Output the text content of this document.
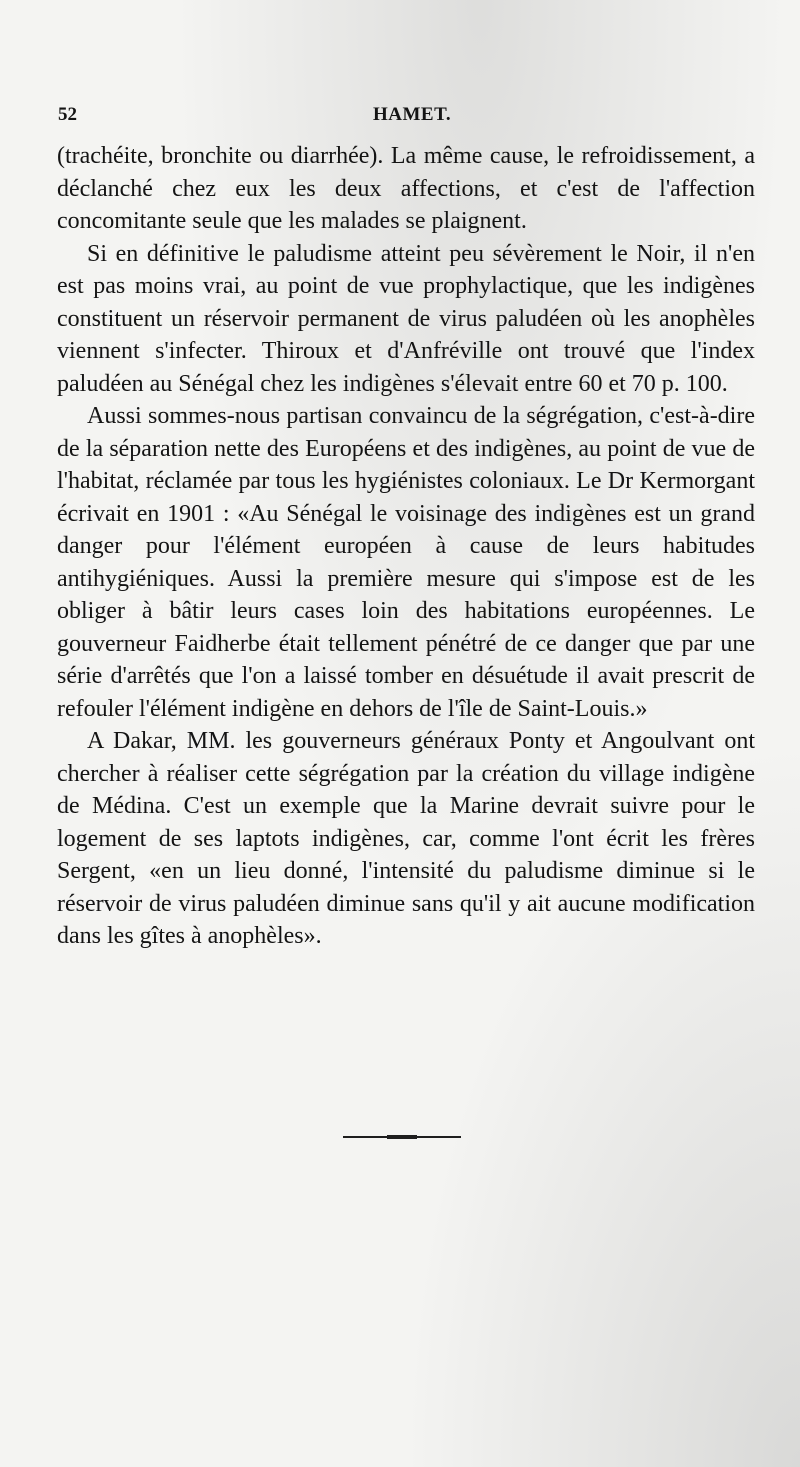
52	HAMET.

(trachéite, bronchite ou diarrhée). La même cause, le refroidissement, a déclanché chez eux les deux affections, et c'est de l'affection concomitante seule que les malades se plaignent.

Si en définitive le paludisme atteint peu sévèrement le Noir, il n'en est pas moins vrai, au point de vue prophylactique, que les indigènes constituent un réservoir permanent de virus paludéen où les anophèles viennent s'infecter. Thiroux et d'Anfréville ont trouvé que l'index paludéen au Sénégal chez les indigènes s'élevait entre 60 et 70 p. 100.

Aussi sommes-nous partisan convaincu de la ségrégation, c'est-à-dire de la séparation nette des Européens et des indigènes, au point de vue de l'habitat, réclamée par tous les hygiénistes coloniaux. Le Dr Kermorgant écrivait en 1901 : «Au Sénégal le voisinage des indigènes est un grand danger pour l'élément européen à cause de leurs habitudes antihygiéniques. Aussi la première mesure qui s'impose est de les obliger à bâtir leurs cases loin des habitations européennes. Le gouverneur Faidherbe était tellement pénétré de ce danger que par une série d'arrêtés que l'on a laissé tomber en désuétude il avait prescrit de refouler l'élément indigène en dehors de l'île de Saint-Louis.»

A Dakar, MM. les gouverneurs généraux Ponty et Angoulvant ont chercher à réaliser cette ségrégation par la création du village indigène de Médina. C'est un exemple que la Marine devrait suivre pour le logement de ses laptots indigènes, car, comme l'ont écrit les frères Sergent, «en un lieu donné, l'intensité du paludisme diminue si le réservoir de virus paludéen diminue sans qu'il y ait aucune modification dans les gîtes à anophèles».
